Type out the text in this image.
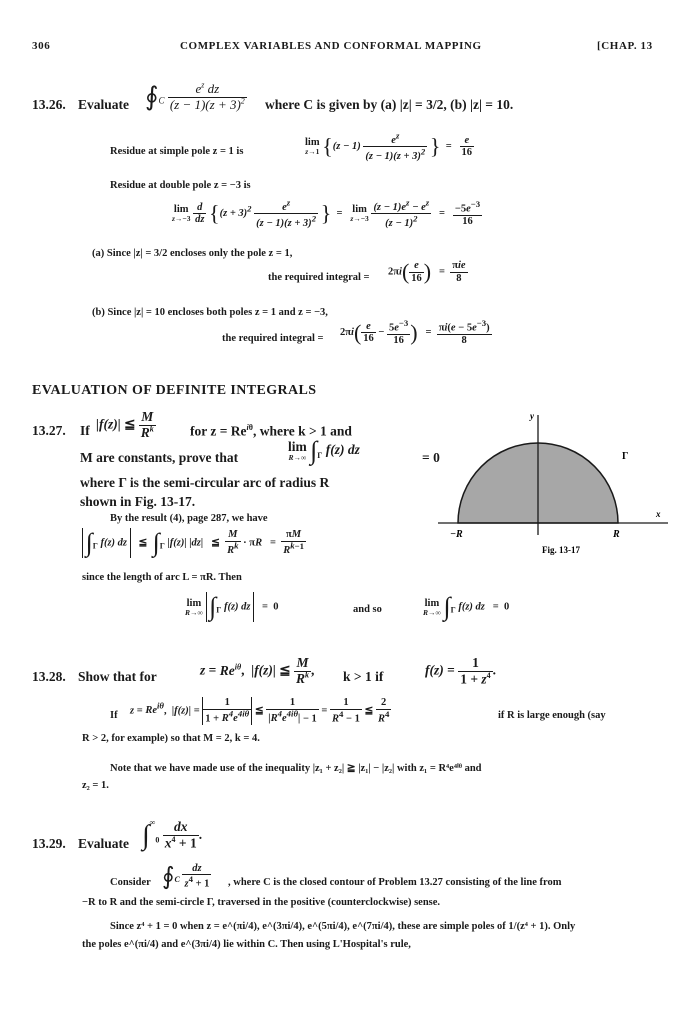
306	COMPLEX VARIABLES AND CONFORMAL MAPPING	[CHAP. 13
13.26. Evaluate $∮_C \frac{e^z dz}{(z - 1)(z + 3)^2}$ where C is given by (a) |z| = 3/2, (b) |z| = 10.
Residue at simple pole z = 1 is
lim
z→1 {$(z - 1) \frac{e^z}{(z - 1)(z + 3)^2}$ }  = $\frac{e}{16}$
Residue at double pole z = −3 is
lim
z→−3
$\frac{d}{dz} \{(z + 3)^2 \frac{e^z}{(z - 1)(z + 3)^2}$ }  = lim
z→−3
$\frac{(z - 1)e^z - e^z}{(z - 1)^2} = \frac{-5e^{-3}}{16}$
(a) Since |z| = 3/2 encloses only the pole z = 1,
the required integral =
$2\pi i( \frac{e}{16}$ )   = $\frac{\text{πie}}{8}$
(b) Since |z| = 10 encloses both poles z = 1 and z = −3,
the required integral =
$2\pi i( \frac{e}{16} - \frac{5e^{-3}}{16}$ )   = $\frac{\pi i(e - 5e^{-3})}{8}$
EVALUATION OF DEFINITE INTEGRALS
13.27. If |f(z)| ≦ $\frac{M}{R^k}$	for $z = Re^{i\theta}$, where k > 1 and
M are constants, prove that
lim
R→∞ $\int_\Gamma$ f(z) dz
= 0
where Γ is the semi-circular arc of radius R
shown in Fig. 13-17.
y
x
Γ
−R	R
Fig. 13-17
By the result (4), page 287, we have
$\int_\Gamma$ f(z) dz    ≦  $\int_\Gamma$ |f(z)| |dz|   ≦ $\frac{M}{R^k} \cdot \pi R = \frac{\pi M}{R^{k-1}}$
since the length of arc L = πR. Then
lim
R→∞ $\int_\Gamma$ f(z) dz    =  0	and so
lim
R→∞ $\int_\Gamma$ f(z) dz   =  0
13.28. Show that for	$z = Re^{i\theta}$,  |f(z)| ≦ $\frac{M}{R^k}$ , k > 1 if	$f(z) = \frac{1}{1 + z^4}$ .
If $z = Re^{i\theta}$,  $|f(z)| = \frac{1}{1 + R^4e^{4i\theta}}$ ≦ $\frac{1}{|R^4e^{4i\theta}| - 1} = \frac{1}{R^4 - 1}$ ≦ $\frac{2}{R^4}$	if R is large enough (say
R > 2, for example) so that M = 2, k = 4.
Note that we have made use of the inequality |z₁ + z₂| ≧ |z₁| − |z₂| with z₁ = R⁴e⁴ⁱᶿ and
z₂ = 1.
13.29. Evaluate $\int^\infty_0 \frac{dx}{x^4 + 1}$ .
Consider $∮_C \frac{dz}{z^4 + 1}$ , where C is the closed contour of Problem 13.27 consisting of the line from
−R to R and the semi-circle Γ, traversed in the positive (counterclockwise) sense.
Since z⁴ + 1 = 0 when z = e^(πi/4), e^(3πi/4), e^(5πi/4), e^(7πi/4), these are simple poles of 1/(z⁴ + 1). Only
the poles e^(πi/4) and e^(3πi/4) lie within C. Then using L'Hospital's rule,
